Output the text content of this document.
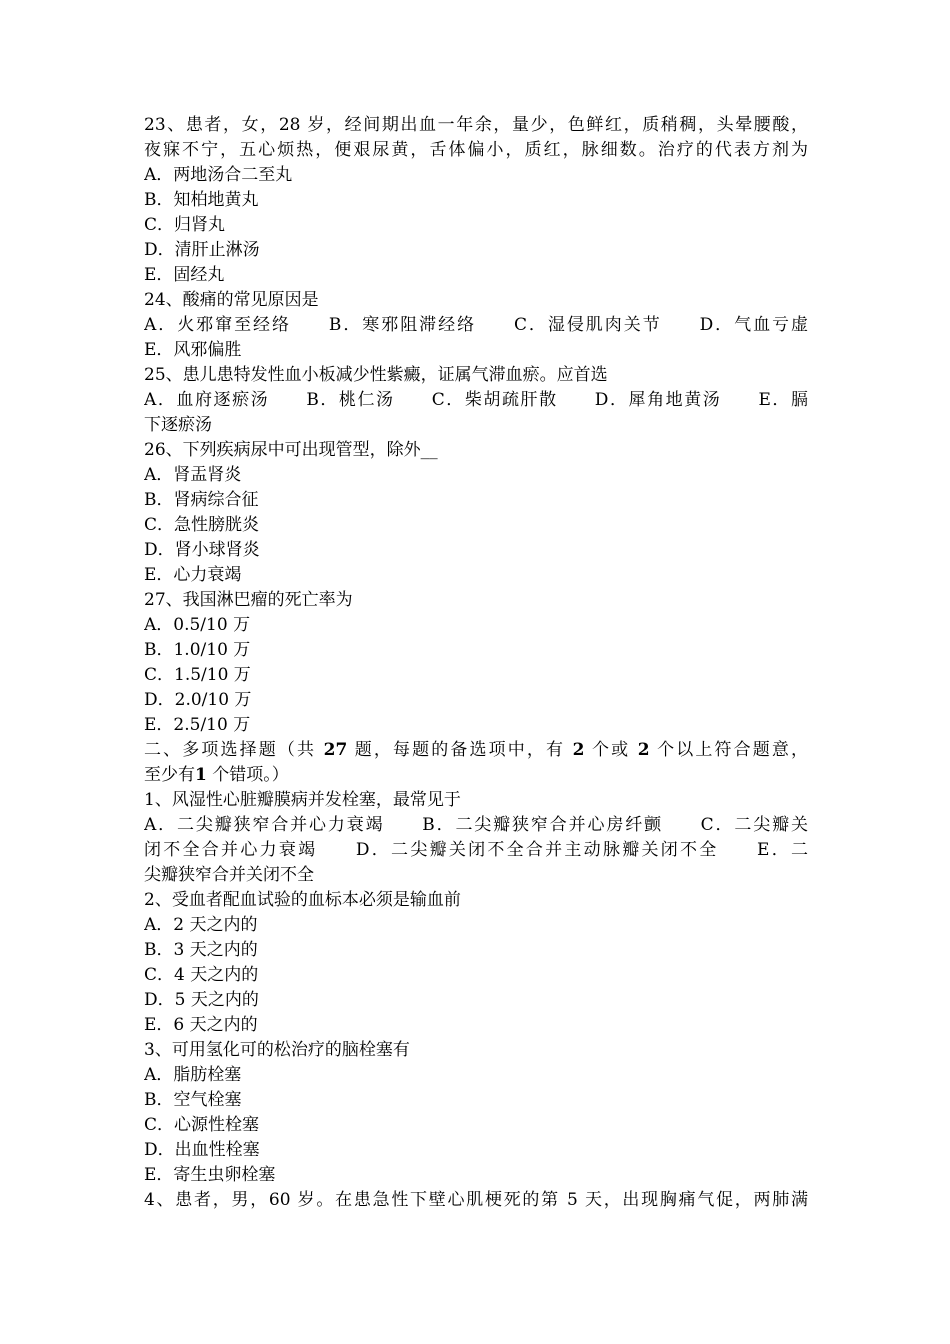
23、患者，女，28 岁，经间期出血一年余，量少，色鲜红，质稍稠，头晕腰酸，
夜寐不宁，五心烦热，便艰尿黄，舌体偏小，质红，脉细数。治疗的代表方剂为
A．两地汤合二至丸
B．知柏地黄丸
C．归肾丸
D．清肝止淋汤
E．固经丸
24、酸痛的常见原因是
A．火邪窜至经络　　B．寒邪阻滞经络　　C．湿侵肌肉关节　　D．气血亏虚
E．风邪偏胜
25、患儿患特发性血小板减少性紫癜，证属气滞血瘀。应首选
A．血府逐瘀汤　　B．桃仁汤　　C．柴胡疏肝散　　D．犀角地黄汤　　E．膈
下逐瘀汤
26、下列疾病尿中可出现管型，除外__
A．肾盂肾炎
B．肾病综合征
C．急性膀胱炎
D．肾小球肾炎
E．心力衰竭
27、我国淋巴瘤的死亡率为
A．0.5/10 万
B．1.0/10 万
C．1.5/10 万
D．2.0/10 万
E．2.5/10 万
二、多项选择题（共 27 题，每题的备选项中，有 2 个或 2 个以上符合题意，
至少有1 个错项。）
1、风湿性心脏瓣膜病并发栓塞，最常见于
A．二尖瓣狭窄合并心力衰竭　　B．二尖瓣狭窄合并心房纤颤　　C．二尖瓣关
闭不全合并心力衰竭　　D．二尖瓣关闭不全合并主动脉瓣关闭不全　　E．二
尖瓣狭窄合并关闭不全
2、受血者配血试验的血标本必须是输血前
A．2 天之内的
B．3 天之内的
C．4 天之内的
D．5 天之内的
E．6 天之内的
3、可用氢化可的松治疗的脑栓塞有
A．脂肪栓塞
B．空气栓塞
C．心源性栓塞
D．出血性栓塞
E．寄生虫卵栓塞
4、患者，男，60 岁。在患急性下壁心肌梗死的第 5 天，出现胸痛气促，两肺满
